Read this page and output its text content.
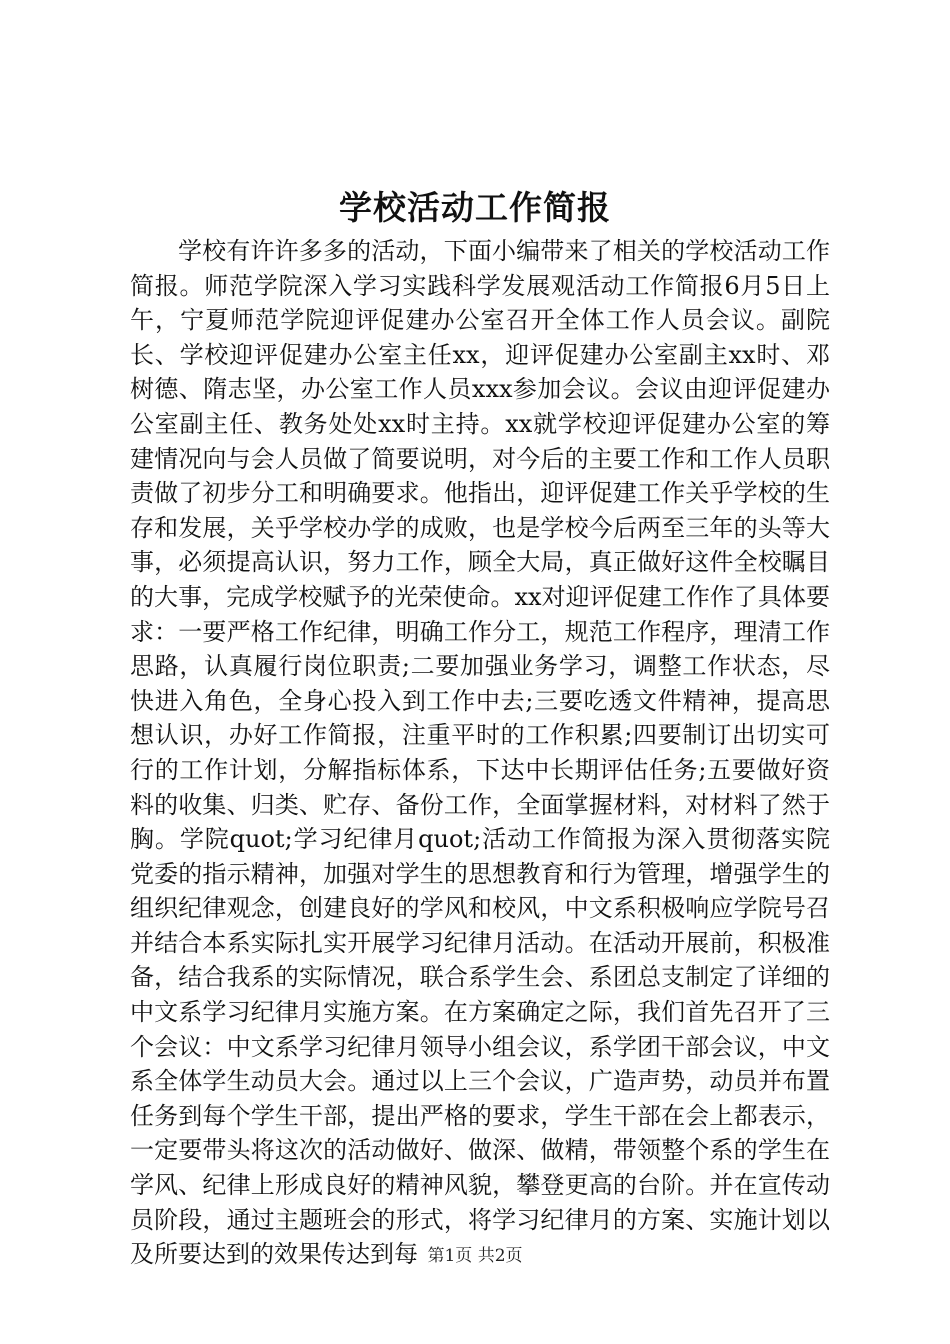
学校活动工作简报

学校有许许多多的活动，下面小编带来了相关的学校活动工作简报。师范学院深入学习实践科学发展观活动工作简报6月5日上午，宁夏师范学院迎评促建办公室召开全体工作人员会议。副院长、学校迎评促建办公室主任xx，迎评促建办公室副主xx时、邓树德、隋志坚，办公室工作人员xxx参加会议。会议由迎评促建办公室副主任、教务处处xx时主持。xx就学校迎评促建办公室的筹建情况向与会人员做了简要说明，对今后的主要工作和工作人员职责做了初步分工和明确要求。他指出，迎评促建工作关乎学校的生存和发展，关乎学校办学的成败，也是学校今后两至三年的头等大事，必须提高认识，努力工作，顾全大局，真正做好这件全校瞩目的大事，完成学校赋予的光荣使命。xx对迎评促建工作作了具体要求：一要严格工作纪律，明确工作分工，规范工作程序，理清工作思路，认真履行岗位职责;二要加强业务学习，调整工作状态，尽快进入角色，全身心投入到工作中去;三要吃透文件精神，提高思想认识，办好工作简报，注重平时的工作积累;四要制订出切实可行的工作计划，分解指标体系，下达中长期评估任务;五要做好资料的收集、归类、贮存、备份工作，全面掌握材料，对材料了然于胸。学院quot;学习纪律月quot;活动工作简报为深入贯彻落实院党委的指示精神，加强对学生的思想教育和行为管理，增强学生的组织纪律观念，创建良好的学风和校风，中文系积极响应学院号召并结合本系实际扎实开展学习纪律月活动。在活动开展前，积极准备，结合我系的实际情况，联合系学生会、系团总支制定了详细的中文系学习纪律月实施方案。在方案确定之际，我们首先召开了三个会议：中文系学习纪律月领导小组会议，系学团干部会议，中文系全体学生动员大会。通过以上三个会议，广造声势，动员并布置任务到每个学生干部，提出严格的要求，学生干部在会上都表示，一定要带头将这次的活动做好、做深、做精，带领整个系的学生在学风、纪律上形成良好的精神风貌，攀登更高的台阶。并在宣传动员阶段，通过主题班会的形式，将学习纪律月的方案、实施计划以及所要达到的效果传达到每 第1页 共2页
